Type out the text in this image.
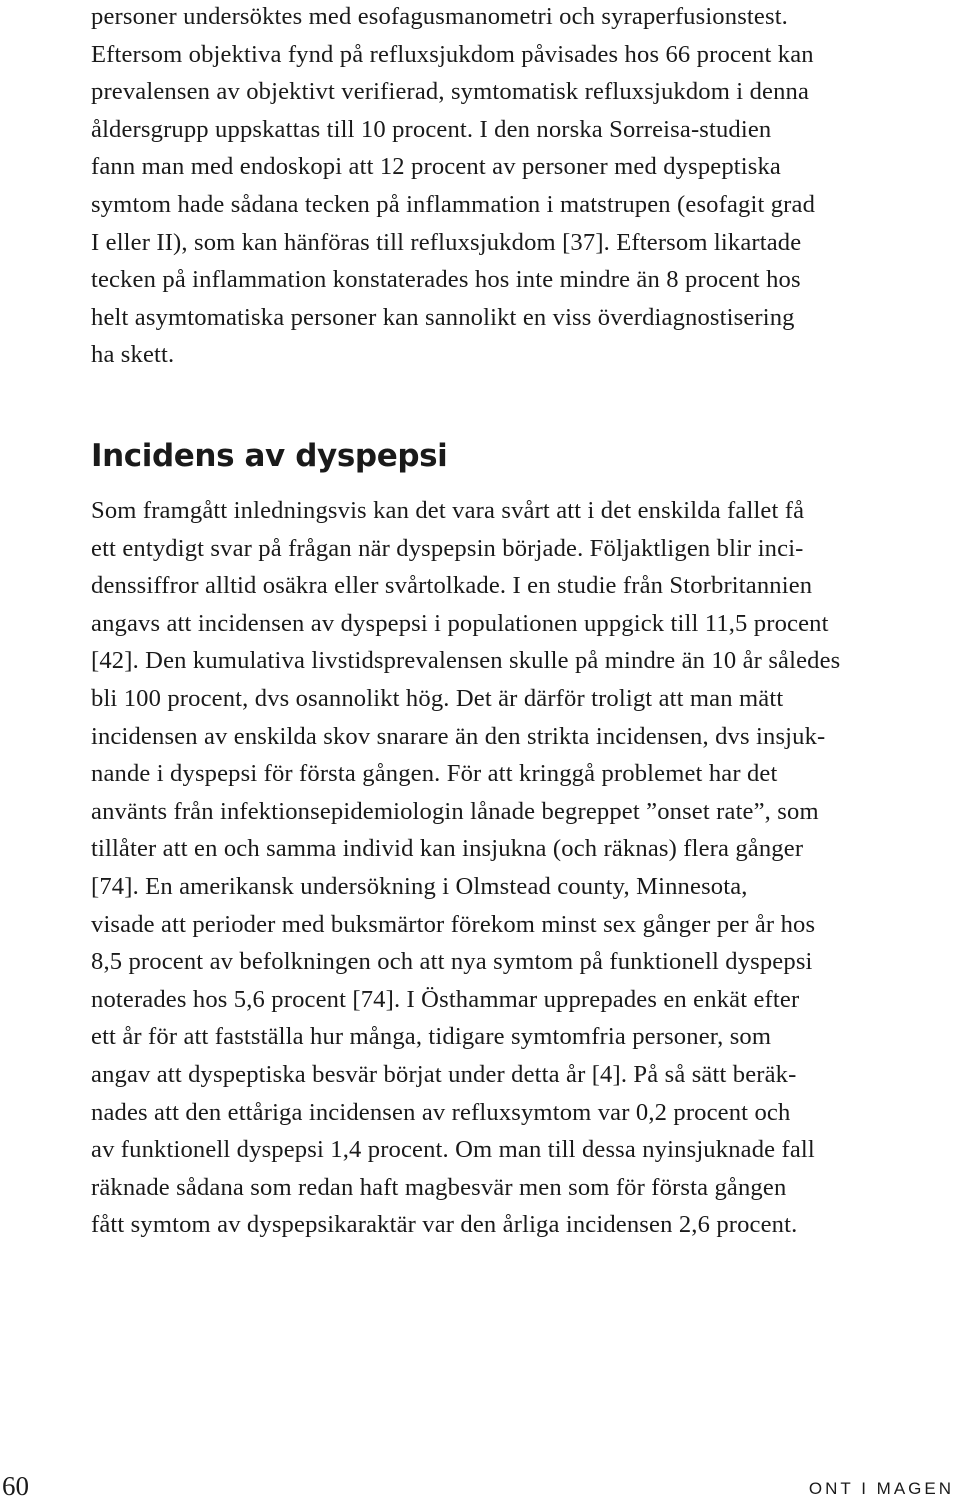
personer undersöktes med esofagusmanometri och syraperfusionstest.
Eftersom objektiva fynd på refluxsjukdom påvisades hos 66 procent kan
prevalensen av objektivt verifierad, symtomatisk refluxsjukdom i denna
åldersgrupp uppskattas till 10 procent. I den norska Sorreisa-studien
fann man med endoskopi att 12 procent av personer med dyspeptiska
symtom hade sådana tecken på inflammation i matstrupen (esofagit grad
I eller II), som kan hänföras till refluxsjukdom [37]. Eftersom likartade
tecken på inflammation konstaterades hos inte mindre än 8 procent hos
helt asymtomatiska personer kan sannolikt en viss överdiagnostisering
ha skett.
Incidens av dyspepsi
Som framgått inledningsvis kan det vara svårt att i det enskilda fallet få
ett entydigt svar på frågan när dyspepsin började. Följaktligen blir inci-
denssiffror alltid osäkra eller svårtolkade. I en studie från Storbritannien
angavs att incidensen av dyspepsi i populationen uppgick till 11,5 procent
[42]. Den kumulativa livstidsprevalensen skulle på mindre än 10 år således
bli 100 procent, dvs osannolikt hög. Det är därför troligt att man mätt
incidensen av enskilda skov snarare än den strikta incidensen, dvs insjuk-
nande i dyspepsi för första gången. För att kringgå problemet har det
använts från infektionsepidemiologin lånade begreppet ”onset rate”, som
tillåter att en och samma individ kan insjukna (och räknas) flera gånger
[74]. En amerikansk undersökning i Olmstead county, Minnesota,
visade att perioder med buksmärtor förekom minst sex gånger per år hos
8,5 procent av befolkningen och att nya symtom på funktionell dyspepsi
noterades hos 5,6 procent [74]. I Östhammar upprepades en enkät efter
ett år för att fastställa hur många, tidigare symtomfria personer, som
angav att dyspeptiska besvär börjat under detta år [4]. På så sätt beräk-
nades att den ettåriga incidensen av refluxsymtom var 0,2 procent och
av funktionell dyspepsi 1,4 procent. Om man till dessa nyinsjuknade fall
räknade sådana som redan haft magbesvär men som för första gången
fått symtom av dyspepsikaraktär var den årliga incidensen 2,6 procent.
60	ONT I MAGEN
